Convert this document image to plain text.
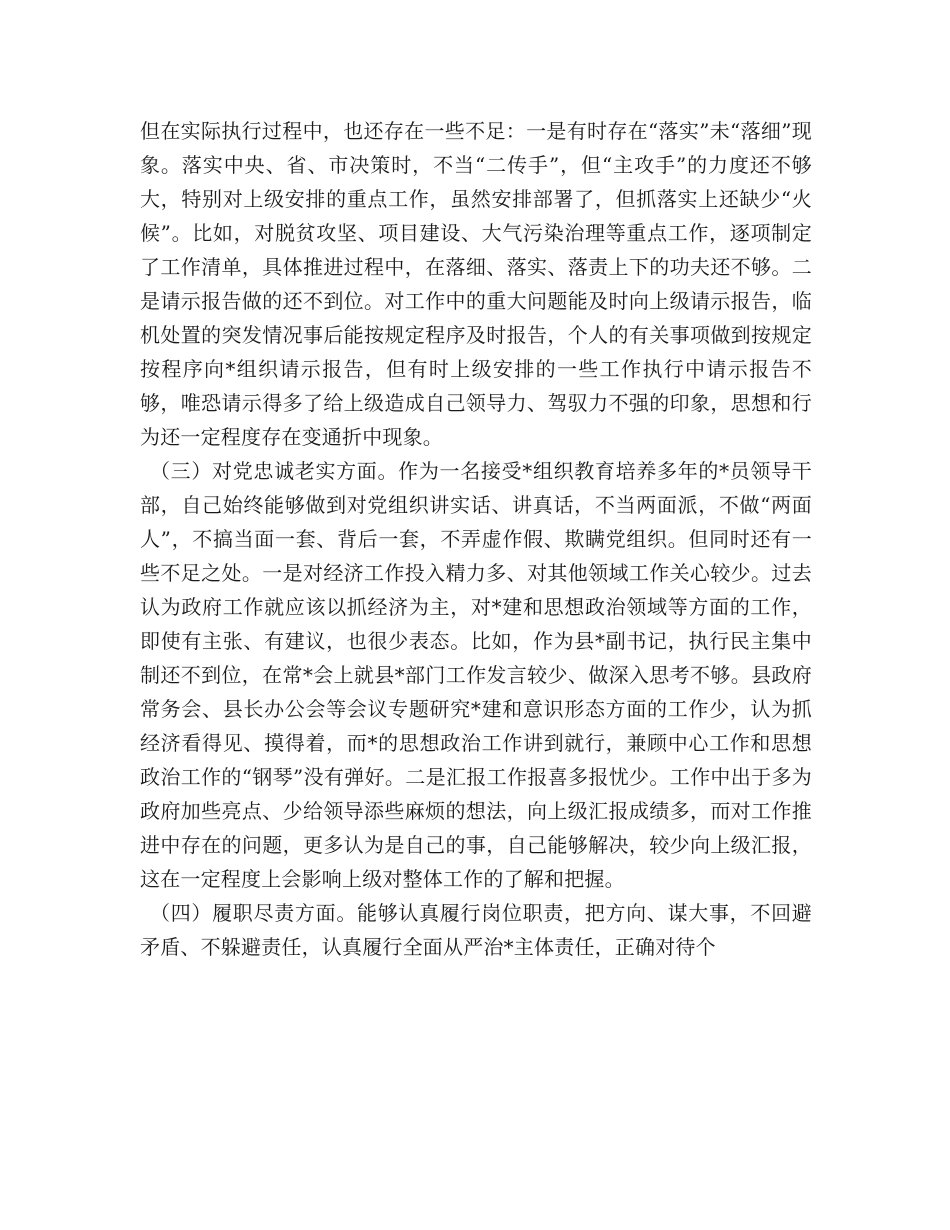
但在实际执行过程中，也还存在一些不足：一是有时存在“落实”未“落细”现象。落实中央、省、市决策时，不当“二传手”，但“主攻手”的力度还不够大，特别对上级安排的重点工作，虽然安排部署了，但抓落实上还缺少“火候”。比如，对脱贫攻坚、项目建设、大气污染治理等重点工作，逐项制定了工作清单，具体推进过程中，在落细、落实、落责上下的功夫还不够。二是请示报告做的还不到位。对工作中的重大问题能及时向上级请示报告，临机处置的突发情况事后能按规定程序及时报告，个人的有关事项做到按规定按程序向*组织请示报告，但有时上级安排的一些工作执行中请示报告不够，唯恐请示得多了给上级造成自己领导力、驾驭力不强的印象，思想和行为还一定程度存在变通折中现象。

（三）对党忠诚老实方面。作为一名接受*组织教育培养多年的*员领导干部，自己始终能够做到对党组织讲实话、讲真话，不当两面派，不做“两面人”，不搞当面一套、背后一套，不弄虚作假、欺瞒党组织。但同时还有一些不足之处。一是对经济工作投入精力多、对其他领域工作关心较少。过去认为政府工作就应该以抓经济为主，对*建和思想政治领域等方面的工作，即使有主张、有建议，也很少表态。比如，作为县*副书记，执行民主集中制还不到位，在常*会上就县*部门工作发言较少、做深入思考不够。县政府常务会、县长办公会等会议专题研究*建和意识形态方面的工作少，认为抓经济看得见、摸得着，而*的思想政治工作讲到就行，兼顾中心工作和思想政治工作的“钢琴”没有弹好。二是汇报工作报喜多报忧少。工作中出于多为政府加些亮点、少给领导添些麻烦的想法，向上级汇报成绩多，而对工作推进中存在的问题，更多认为是自己的事，自己能够解决，较少向上级汇报，这在一定程度上会影响上级对整体工作的了解和把握。

（四）履职尽责方面。能够认真履行岗位职责，把方向、谋大事，不回避矛盾、不躲避责任，认真履行全面从严治*主体责任，正确对待个
